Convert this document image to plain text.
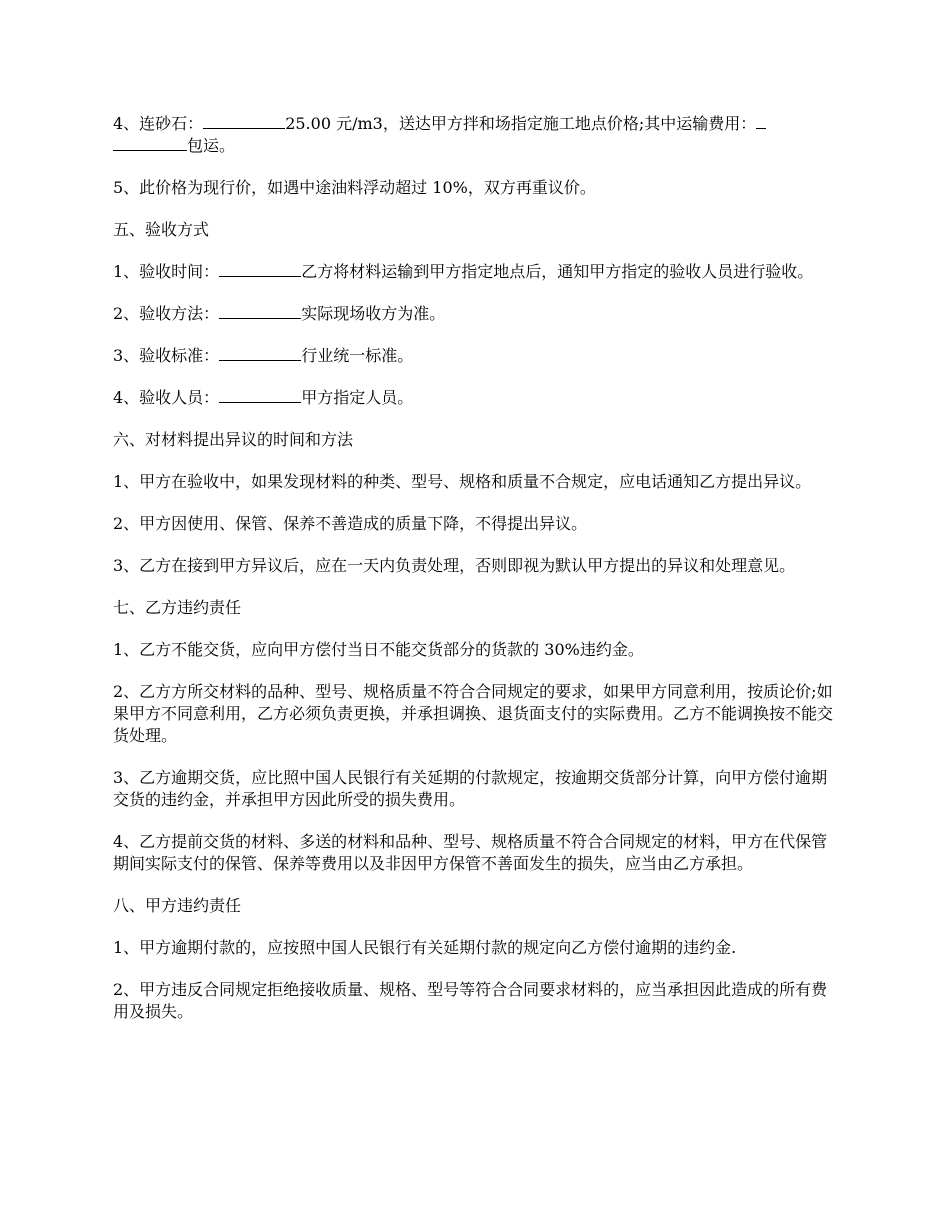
4、连砂石：	25.00 元/m3，送达甲方拌和场指定施工地点价格;其中运输费用：
包运。

5、此价格为现行价，如遇中途油料浮动超过 10%，双方再重议价。

五、验收方式

1、验收时间：	乙方将材料运输到甲方指定地点后，通知甲方指定的验收人员进行验收。

2、验收方法：	实际现场收方为准。

3、验收标准：	行业统一标准。

4、验收人员：	甲方指定人员。

六、对材料提出异议的时间和方法

1、甲方在验收中，如果发现材料的种类、型号、规格和质量不合规定，应电话通知乙方提出异议。

2、甲方因使用、保管、保养不善造成的质量下降，不得提出异议。

3、乙方在接到甲方异议后，应在一天内负责处理，否则即视为默认甲方提出的异议和处理意见。

七、乙方违约责任

1、乙方不能交货，应向甲方偿付当日不能交货部分的货款的 30%违约金。

2、乙方方所交材料的品种、型号、规格质量不符合合同规定的要求，如果甲方同意利用，按质论价;如果甲方不同意利用，乙方必须负责更换，并承担调换、退货面支付的实际费用。乙方不能调换按不能交货处理。

3、乙方逾期交货，应比照中国人民银行有关延期的付款规定，按逾期交货部分计算，向甲方偿付逾期交货的违约金，并承担甲方因此所受的损失费用。

4、乙方提前交货的材料、多送的材料和品种、型号、规格质量不符合合同规定的材料，甲方在代保管期间实际支付的保管、保养等费用以及非因甲方保管不善面发生的损失，应当由乙方承担。

八、甲方违约责任

1、甲方逾期付款的，应按照中国人民银行有关延期付款的规定向乙方偿付逾期的违约金.

2、甲方违反合同规定拒绝接收质量、规格、型号等符合合同要求材料的，应当承担因此造成的所有费用及损失。
